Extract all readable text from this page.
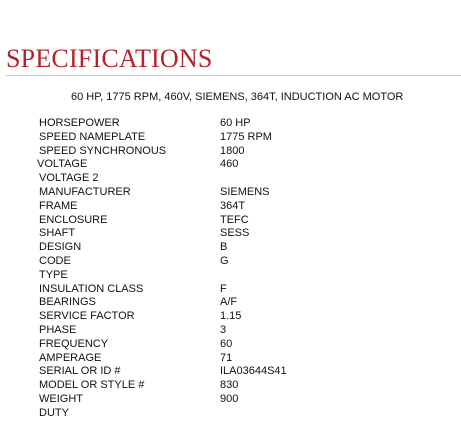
SPECIFICATIONS
60 HP, 1775 RPM, 460V, SIEMENS, 364T, INDUCTION AC MOTOR
HORSEPOWER	60 HP
SPEED NAMEPLATE	1775 RPM
SPEED SYNCHRONOUS	1800
VOLTAGE	460
VOLTAGE 2
MANUFACTURER	SIEMENS
FRAME	364T
ENCLOSURE	TEFC
SHAFT	SESS
DESIGN	B
CODE	G
TYPE
INSULATION CLASS	F
BEARINGS	A/F
SERVICE FACTOR	1.15
PHASE	3
FREQUENCY	60
AMPERAGE	71
SERIAL OR ID #	ILA03644S41
MODEL OR STYLE #	830
WEIGHT	900
DUTY
